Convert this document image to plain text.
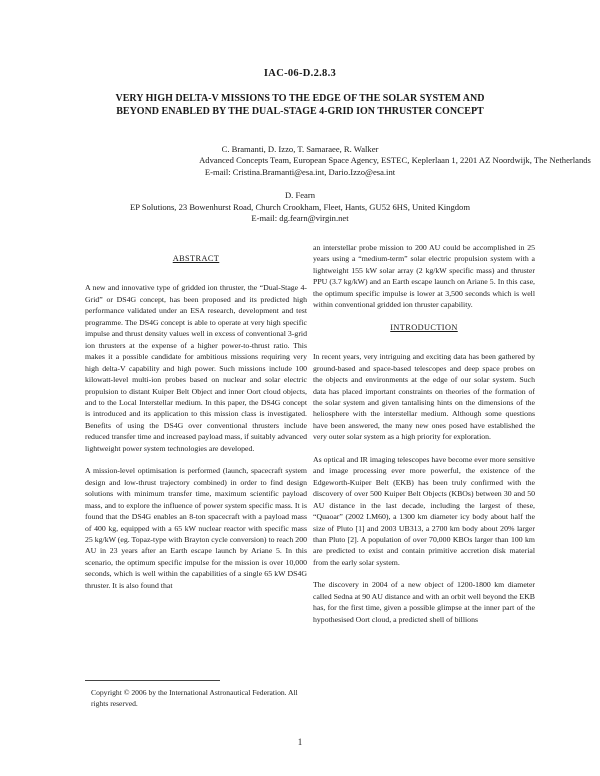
IAC-06-D.2.8.3
VERY HIGH DELTA-V MISSIONS TO THE EDGE OF THE SOLAR SYSTEM AND BEYOND ENABLED BY THE DUAL-STAGE 4-GRID ION THRUSTER CONCEPT
C. Bramanti, D. Izzo, T. Samaraee, R. Walker
Advanced Concepts Team, European Space Agency, ESTEC, Keplerlaan 1, 2201 AZ Noordwijk, The Netherlands
E-mail: Cristina.Bramanti@esa.int, Dario.Izzo@esa.int
D. Fearn
EP Solutions, 23 Bowenhurst Road, Church Crookham, Fleet, Hants, GU52 6HS, United Kingdom
E-mail: dg.fearn@virgin.net
ABSTRACT

A new and innovative type of gridded ion thruster, the “Dual-Stage 4-Grid” or DS4G concept, has been proposed and its predicted high performance validated under an ESA research, development and test programme. The DS4G concept is able to operate at very high specific impulse and thrust density values well in excess of conventional 3-grid ion thrusters at the expense of a higher power-to-thrust ratio. This makes it a possible candidate for ambitious missions requiring very high delta-V capability and high power. Such missions include 100 kilowatt-level multi-ion probes based on nuclear and solar electric propulsion to distant Kuiper Belt Object and inner Oort cloud objects, and to the Local Interstellar medium. In this paper, the DS4G concept is introduced and its application to this mission class is investigated. Benefits of using the DS4G over conventional thrusters include reduced transfer time and increased payload mass, if suitably advanced lightweight power system technologies are developed.

A mission-level optimisation is performed (launch, spacecraft system design and low-thrust trajectory combined) in order to find design solutions with minimum transfer time, maximum scientific payload mass, and to explore the influence of power system specific mass. It is found that the DS4G enables an 8-ton spacecraft with a payload mass of 400 kg, equipped with a 65 kW nuclear reactor with specific mass 25 kg/kW (eg. Topaz-type with Brayton cycle conversion) to reach 200 AU in 23 years after an Earth escape launch by Ariane 5. In this scenario, the optimum specific impulse for the mission is over 10,000 seconds, which is well within the capabilities of a single 65 kW DS4G thruster. It is also found that

an interstellar probe mission to 200 AU could be accomplished in 25 years using a “medium-term” solar electric propulsion system with a lightweight 155 kW solar array (2 kg/kW specific mass) and thruster PPU (3.7 kg/kW) and an Earth escape launch on Ariane 5. In this case, the optimum specific impulse is lower at 3,500 seconds which is well within conventional gridded ion thruster capability.

INTRODUCTION

In recent years, very intriguing and exciting data has been gathered by ground-based and space-based telescopes and deep space probes on the objects and environments at the edge of our solar system. Such data has placed important constraints on theories of the formation of the solar system and given tantalising hints on the dimensions of the heliosphere with the interstellar medium. Although some questions have been answered, the many new ones posed have established the very outer solar system as a high priority for exploration.

As optical and IR imaging telescopes have become ever more sensitive and image processing ever more powerful, the existence of the Edgeworth-Kuiper Belt (EKB) has been truly confirmed with the discovery of over 500 Kuiper Belt Objects (KBOs) between 30 and 50 AU distance in the last decade, including the largest of these, “Quaoar” (2002 LM60), a 1300 km diameter icy body about half the size of Pluto [1] and 2003 UB313, a 2700 km body about 20% larger than Pluto [2]. A population of over 70,000 KBOs larger than 100 km are predicted to exist and contain primitive accretion disk material from the early solar system.

The discovery in 2004 of a new object of 1200-1800 km diameter called Sedna at 90 AU distance and with an orbit well beyond the EKB has, for the first time, given a possible glimpse at the inner part of the hypothesised Oort cloud, a predicted shell of billions

Copyright © 2006 by the International Astronautical Federation. All rights reserved.
1
